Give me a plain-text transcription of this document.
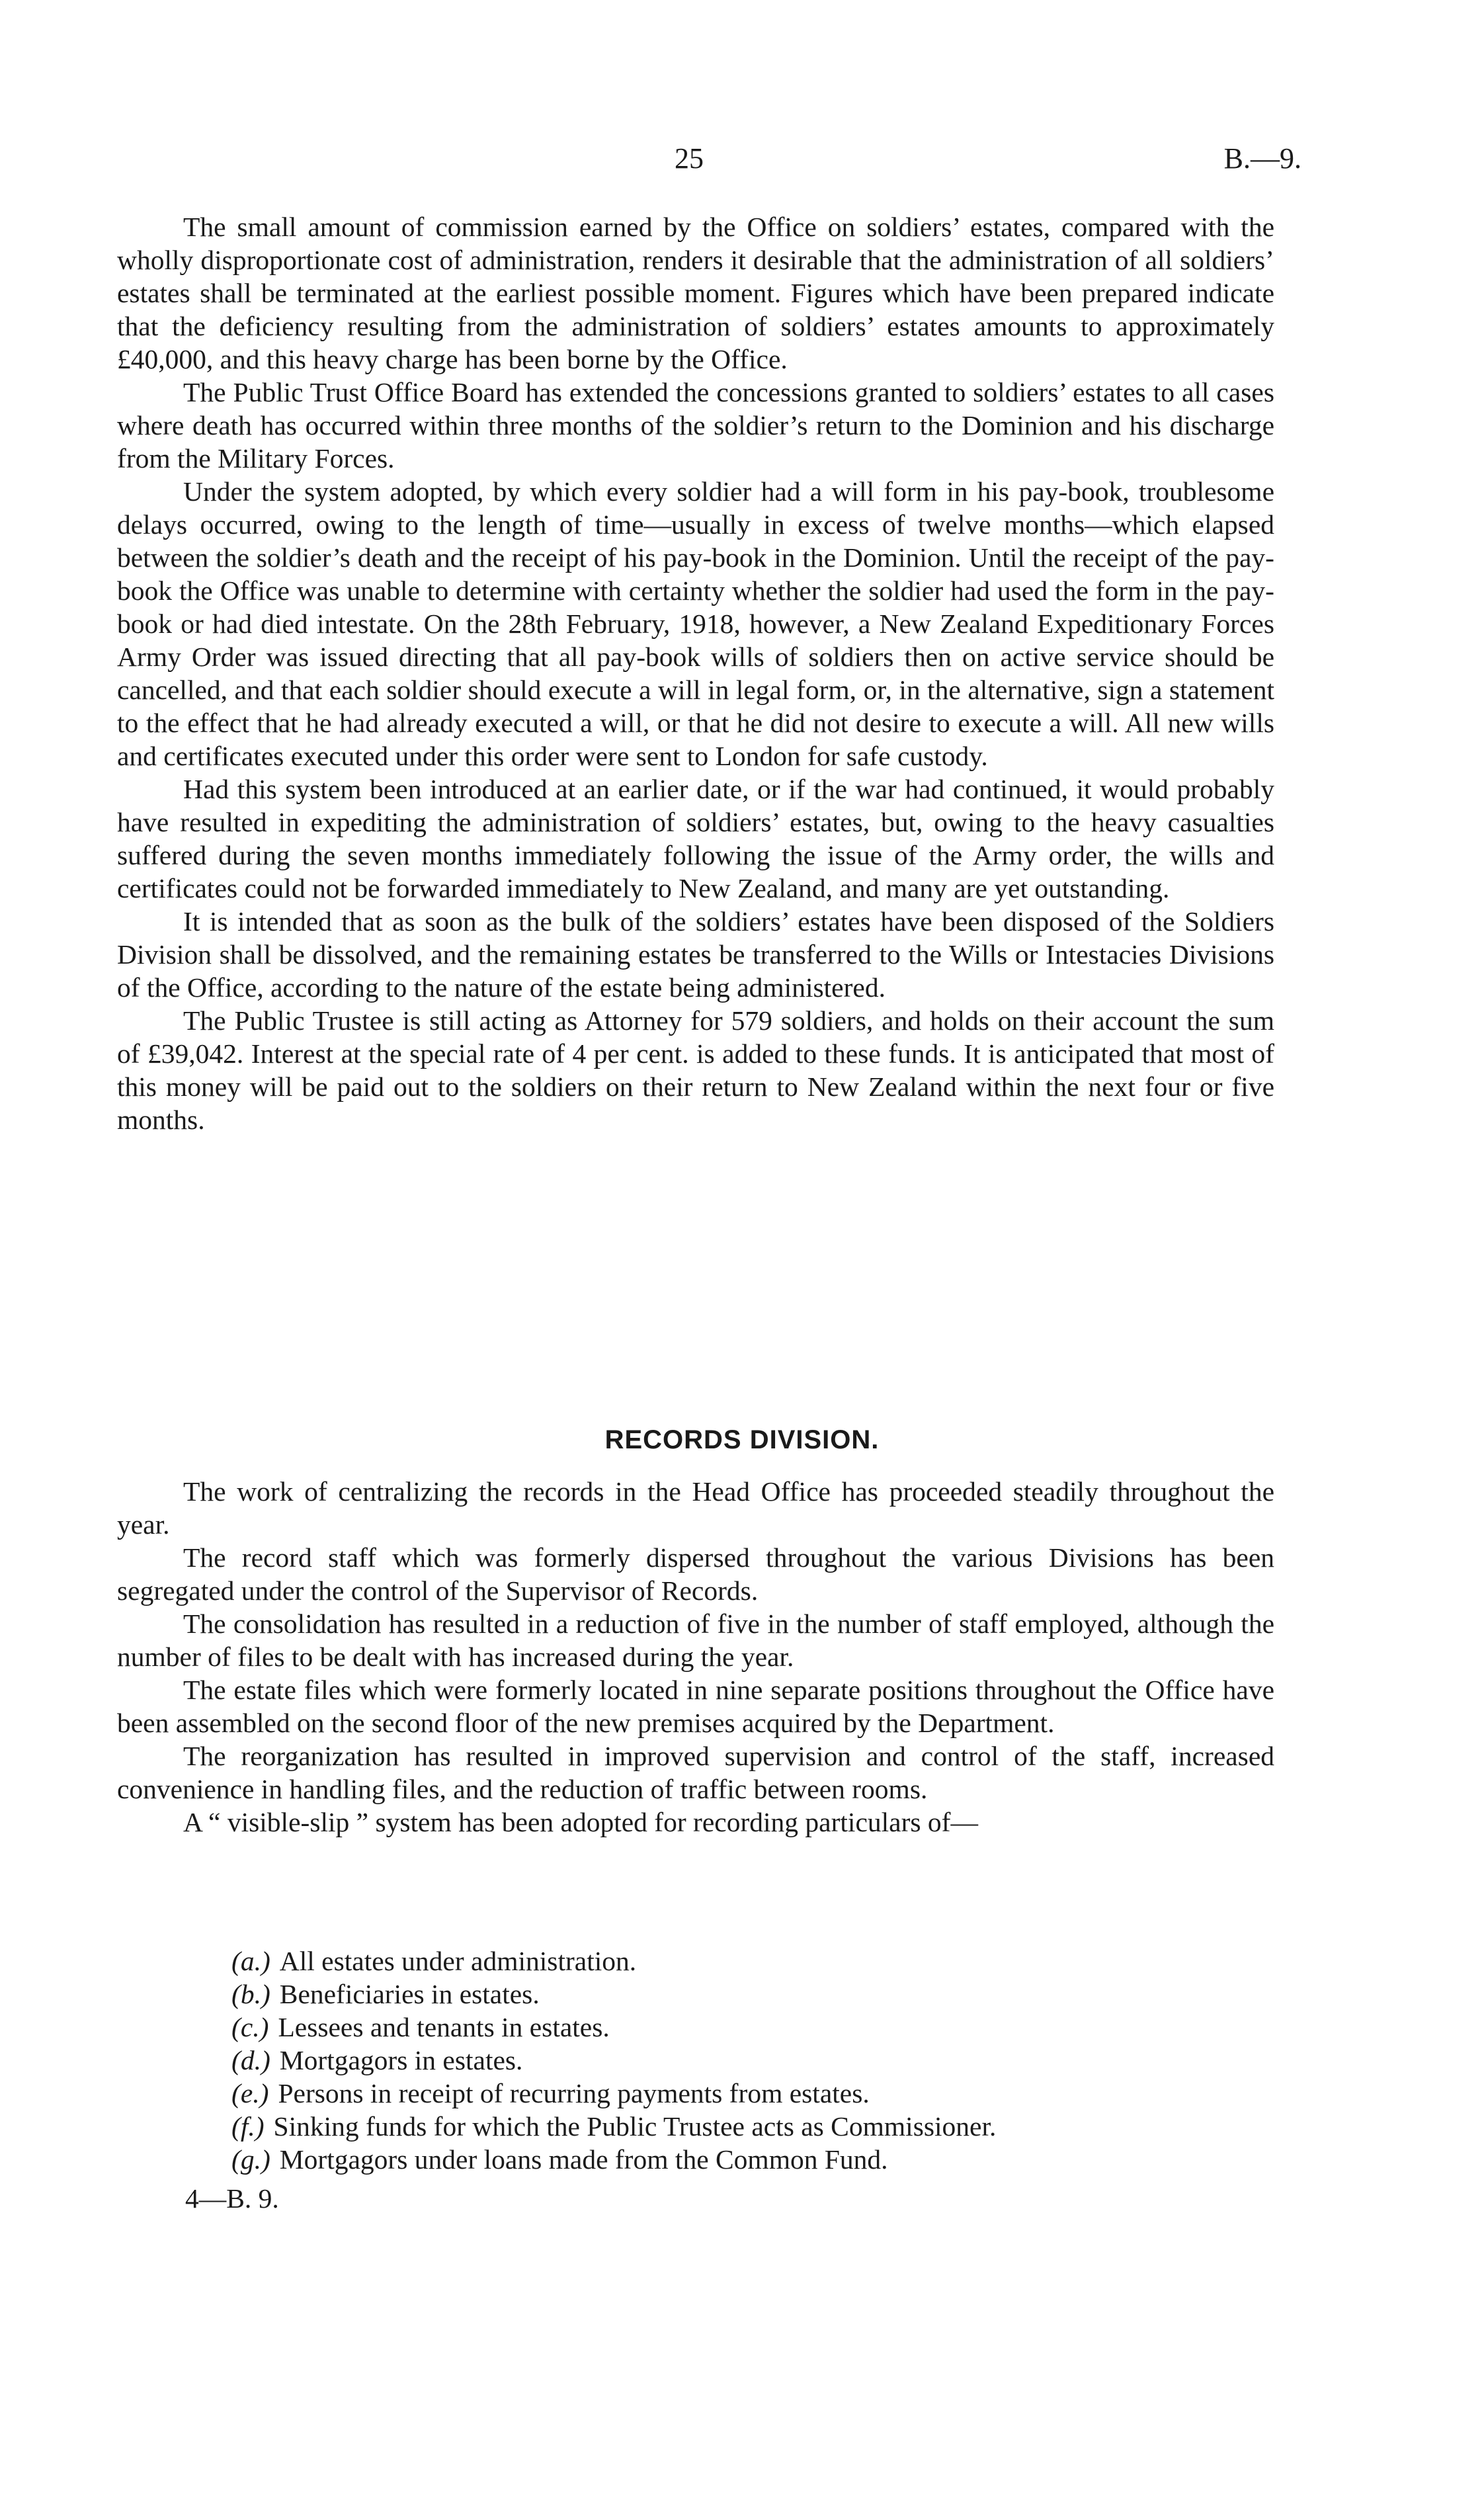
25	B.—9.

The small amount of commission earned by the Office on soldiers’ estates, compared with the wholly disproportionate cost of administration, renders it desirable that the administration of all soldiers’ estates shall be terminated at the earliest possible moment. Figures which have been prepared indicate that the deficiency resulting from the administration of soldiers’ estates amounts to approximately £40,000, and this heavy charge has been borne by the Office.

The Public Trust Office Board has extended the concessions granted to soldiers’ estates to all cases where death has occurred within three months of the soldier’s return to the Dominion and his discharge from the Military Forces.

Under the system adopted, by which every soldier had a will form in his pay-book, troublesome delays occurred, owing to the length of time—usually in excess of twelve months—which elapsed between the soldier’s death and the receipt of his pay-book in the Dominion. Until the receipt of the pay-book the Office was unable to determine with certainty whether the soldier had used the form in the pay-book or had died intestate. On the 28th February, 1918, however, a New Zealand Expeditionary Forces Army Order was issued directing that all pay-book wills of soldiers then on active service should be cancelled, and that each soldier should execute a will in legal form, or, in the alternative, sign a statement to the effect that he had already executed a will, or that he did not desire to execute a will. All new wills and certificates executed under this order were sent to London for safe custody.

Had this system been introduced at an earlier date, or if the war had continued, it would probably have resulted in expediting the administration of soldiers’ estates, but, owing to the heavy casualties suffered during the seven months immediately following the issue of the Army order, the wills and certificates could not be forwarded immediately to New Zealand, and many are yet outstanding.

It is intended that as soon as the bulk of the soldiers’ estates have been disposed of the Soldiers Division shall be dissolved, and the remaining estates be transferred to the Wills or Intestacies Divisions of the Office, according to the nature of the estate being administered.

The Public Trustee is still acting as Attorney for 579 soldiers, and holds on their account the sum of £39,042. Interest at the special rate of 4 per cent. is added to these funds. It is anticipated that most of this money will be paid out to the soldiers on their return to New Zealand within the next four or five months.

RECORDS DIVISION.

The work of centralizing the records in the Head Office has proceeded steadily throughout the year.

The record staff which was formerly dispersed throughout the various Divisions has been segregated under the control of the Supervisor of Records.

The consolidation has resulted in a reduction of five in the number of staff employed, although the number of files to be dealt with has increased during the year.

The estate files which were formerly located in nine separate positions throughout the Office have been assembled on the second floor of the new premises acquired by the Department.

The reorganization has resulted in improved supervision and control of the staff, increased convenience in handling files, and the reduction of traffic between rooms.

A “ visible-slip ” system has been adopted for recording particulars of—

(a.) All estates under administration.
(b.) Beneficiaries in estates.
(c.) Lessees and tenants in estates.
(d.) Mortgagors in estates.
(e.) Persons in receipt of recurring payments from estates.
(f.) Sinking funds for which the Public Trustee acts as Commissioner.
(g.) Mortgagors under loans made from the Common Fund.
4—B. 9.
